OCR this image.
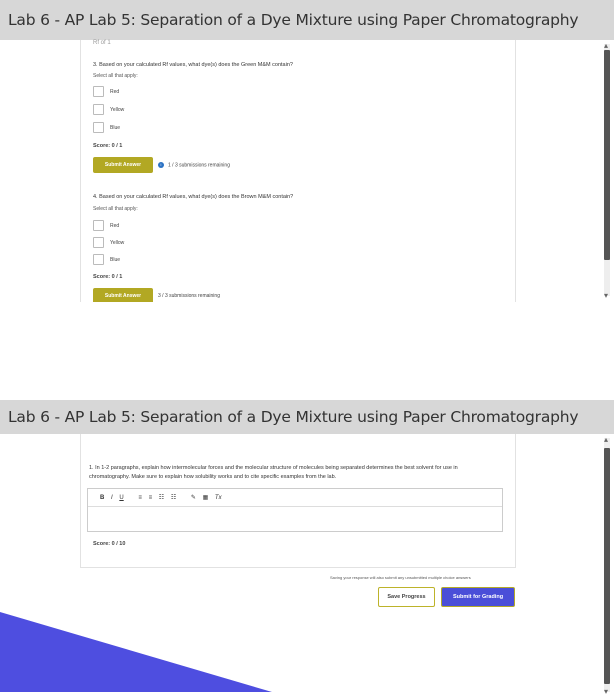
Lab 6 - AP Lab 5: Separation of a Dye Mixture using Paper Chromatography
▴
▾
Rf of 1
3. Based on your calculated Rf values, what dye(s) does the Green M&M contain?
Select all that apply:
Red
Yellow
Blue
Score: 0 / 1
Submit Answer	i 1 / 3 submissions remaining
4. Based on your calculated Rf values, what dye(s) does the Brown M&M contain?
Select all that apply:
Red
Yellow
Blue
Score: 0 / 1
Submit Answer	3 / 3 submissions remaining
Lab 6 - AP Lab 5: Separation of a Dye Mixture using Paper Chromatography
▴
▾
1. In 1-2 paragraphs, explain how intermolecular forces and the molecular structure of molecules being separated determines the best solvent for use in chromatography. Make sure to explain how solubility works and to cite specific examples from the lab.
B I U ≡ ≡ ☷ ☷ ✎ ▦ Tx
Score: 0 / 10
Saving your response will also submit any unsubmitted multiple choice answers
Save Progress	Submit for Grading
